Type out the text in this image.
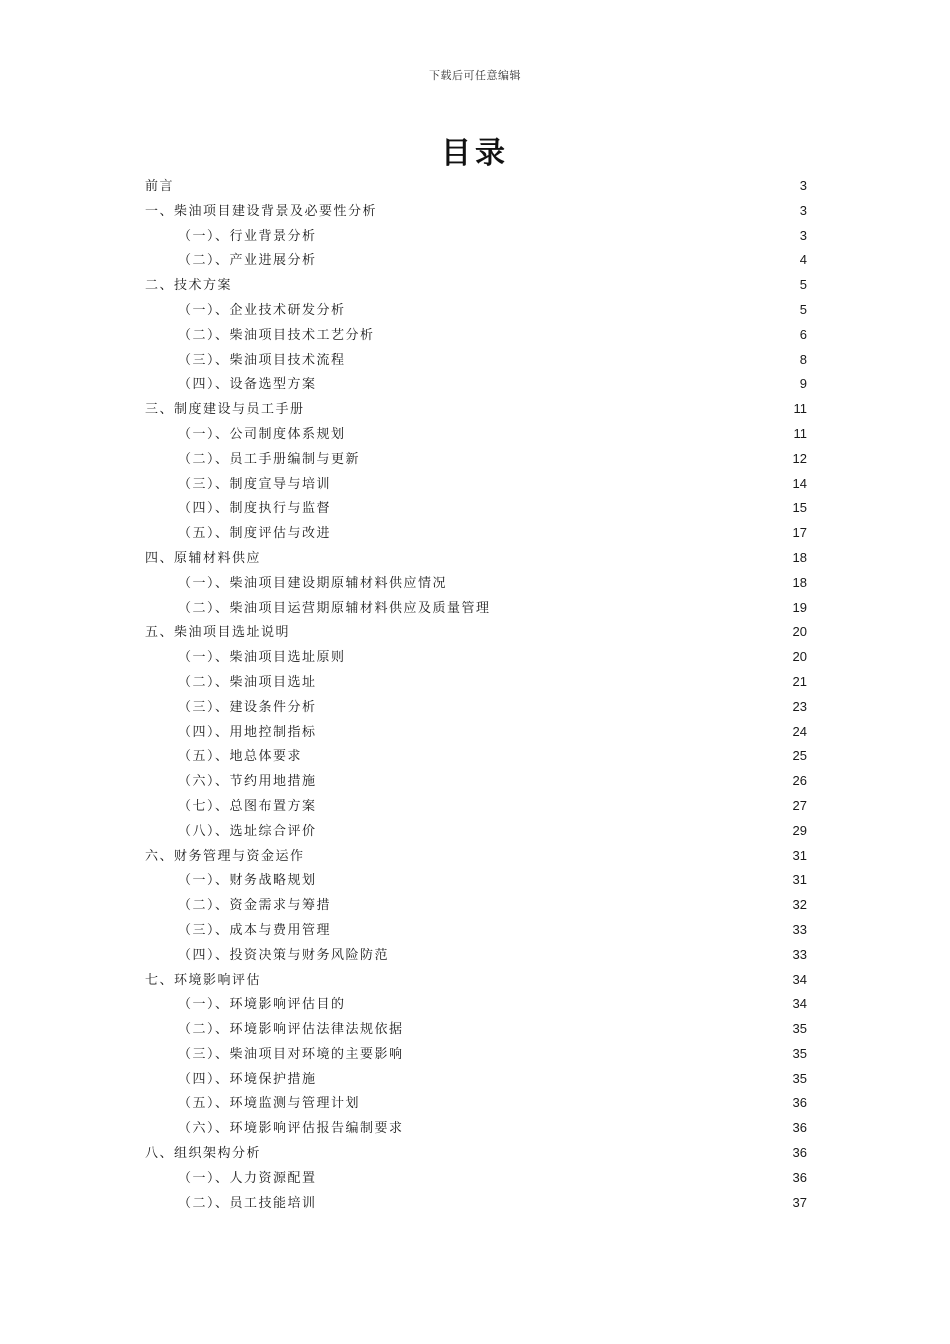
下载后可任意编辑
目录
前言	3
一、柴油项目建设背景及必要性分析	3
（一）、行业背景分析	3
（二）、产业进展分析	4
二、技术方案	5
（一）、企业技术研发分析	5
（二）、柴油项目技术工艺分析	6
（三）、柴油项目技术流程	8
（四）、设备选型方案	9
三、制度建设与员工手册	11
（一）、公司制度体系规划	11
（二）、员工手册编制与更新	12
（三）、制度宣导与培训	14
（四）、制度执行与监督	15
（五）、制度评估与改进	17
四、原辅材料供应	18
（一）、柴油项目建设期原辅材料供应情况	18
（二）、柴油项目运营期原辅材料供应及质量管理	19
五、柴油项目选址说明	20
（一）、柴油项目选址原则	20
（二）、柴油项目选址	21
（三）、建设条件分析	23
（四）、用地控制指标	24
（五）、地总体要求	25
（六）、节约用地措施	26
（七）、总图布置方案	27
（八）、选址综合评价	29
六、财务管理与资金运作	31
（一）、财务战略规划	31
（二）、资金需求与筹措	32
（三）、成本与费用管理	33
（四）、投资决策与财务风险防范	33
七、环境影响评估	34
（一）、环境影响评估目的	34
（二）、环境影响评估法律法规依据	35
（三）、柴油项目对环境的主要影响	35
（四）、环境保护措施	35
（五）、环境监测与管理计划	36
（六）、环境影响评估报告编制要求	36
八、组织架构分析	36
（一）、人力资源配置	36
（二）、员工技能培训	37
